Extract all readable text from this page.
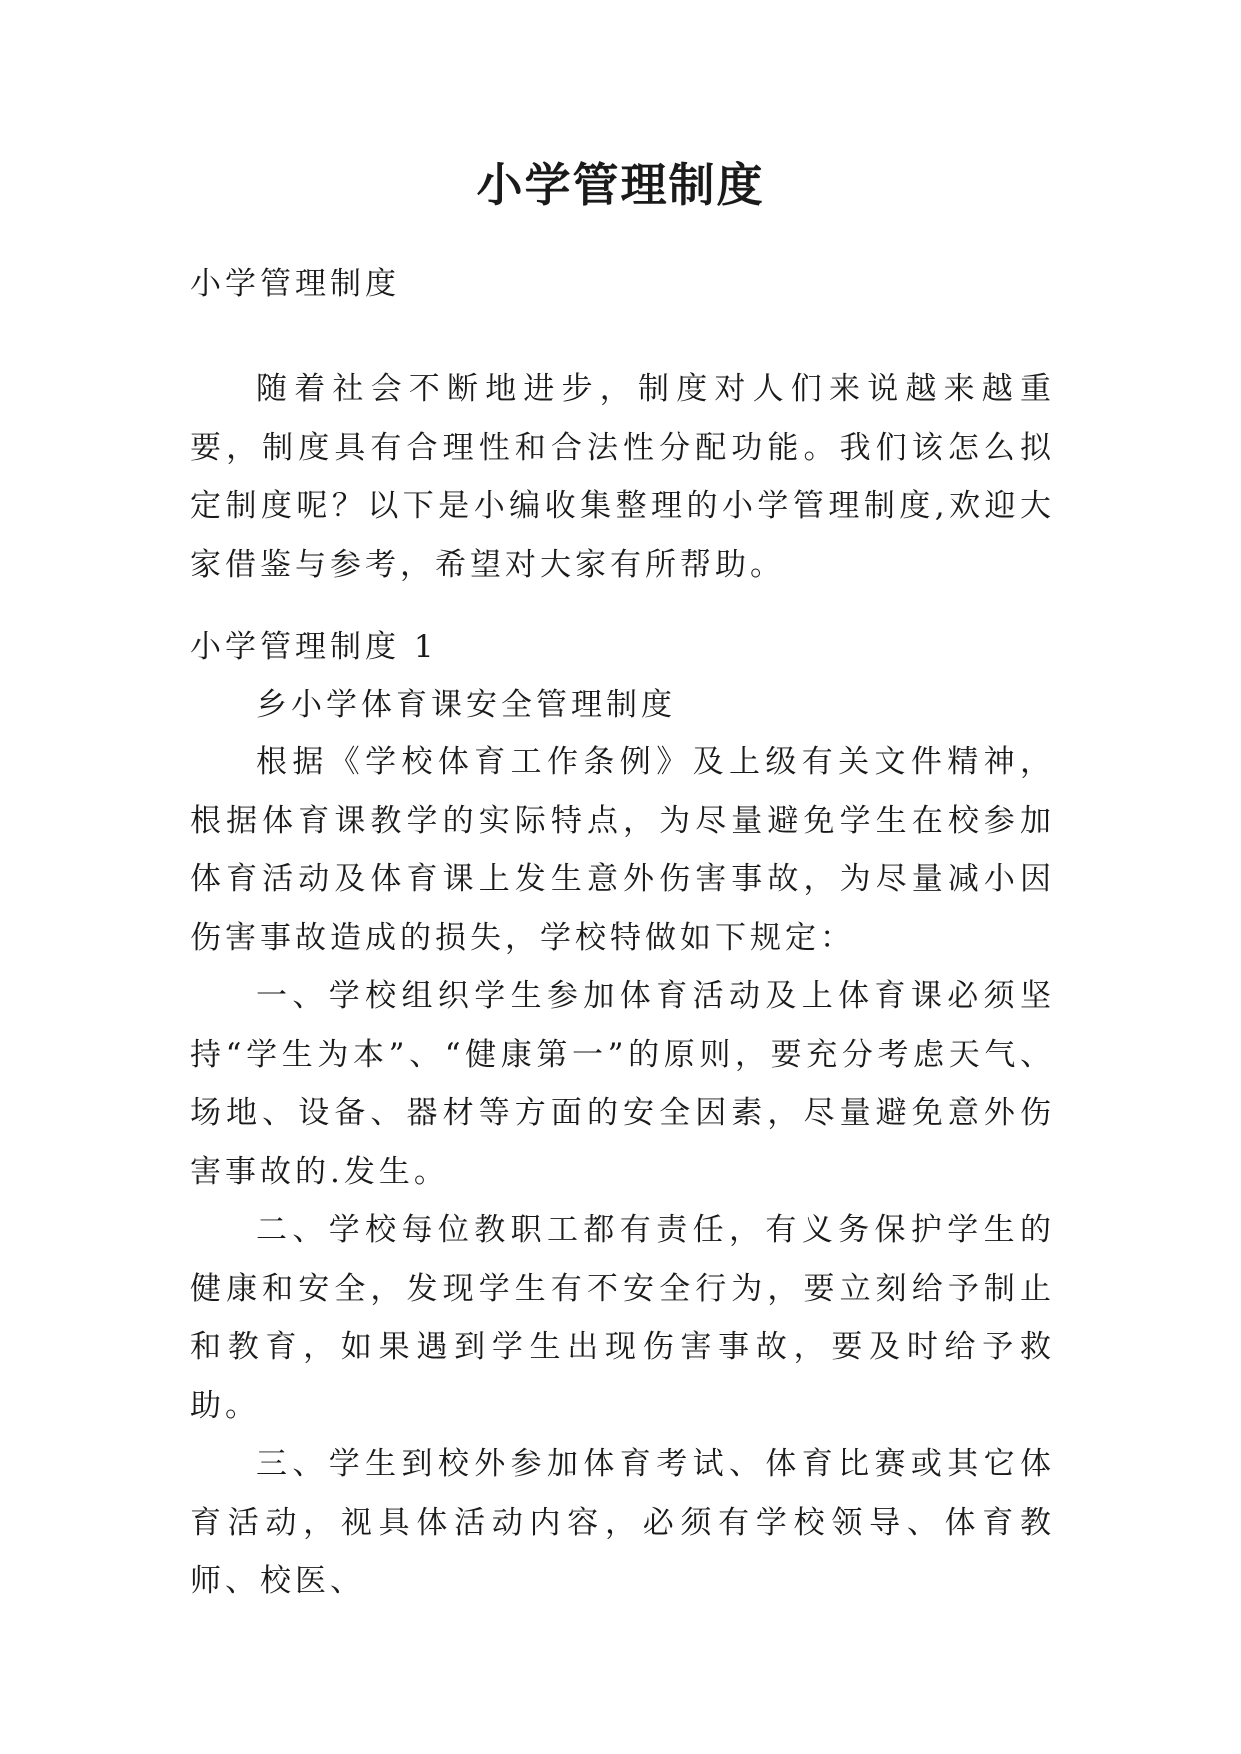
小学管理制度

小学管理制度

随着社会不断地进步，制度对人们来说越来越重要，制度具有合理性和合法性分配功能。我们该怎么拟定制度呢？以下是小编收集整理的小学管理制度,欢迎大家借鉴与参考，希望对大家有所帮助。

小学管理制度 1

乡小学体育课安全管理制度

根据《学校体育工作条例》及上级有关文件精神，根据体育课教学的实际特点，为尽量避免学生在校参加体育活动及体育课上发生意外伤害事故，为尽量减小因伤害事故造成的损失，学校特做如下规定：

一、学校组织学生参加体育活动及上体育课必须坚持“学生为本”、“健康第一”的原则，要充分考虑天气、场地、设备、器材等方面的安全因素，尽量避免意外伤害事故的.发生。

二、学校每位教职工都有责任，有义务保护学生的健康和安全，发现学生有不安全行为，要立刻给予制止和教育，如果遇到学生出现伤害事故，要及时给予救助。

三、学生到校外参加体育考试、体育比赛或其它体育活动，视具体活动内容，必须有学校领导、体育教师、校医、
